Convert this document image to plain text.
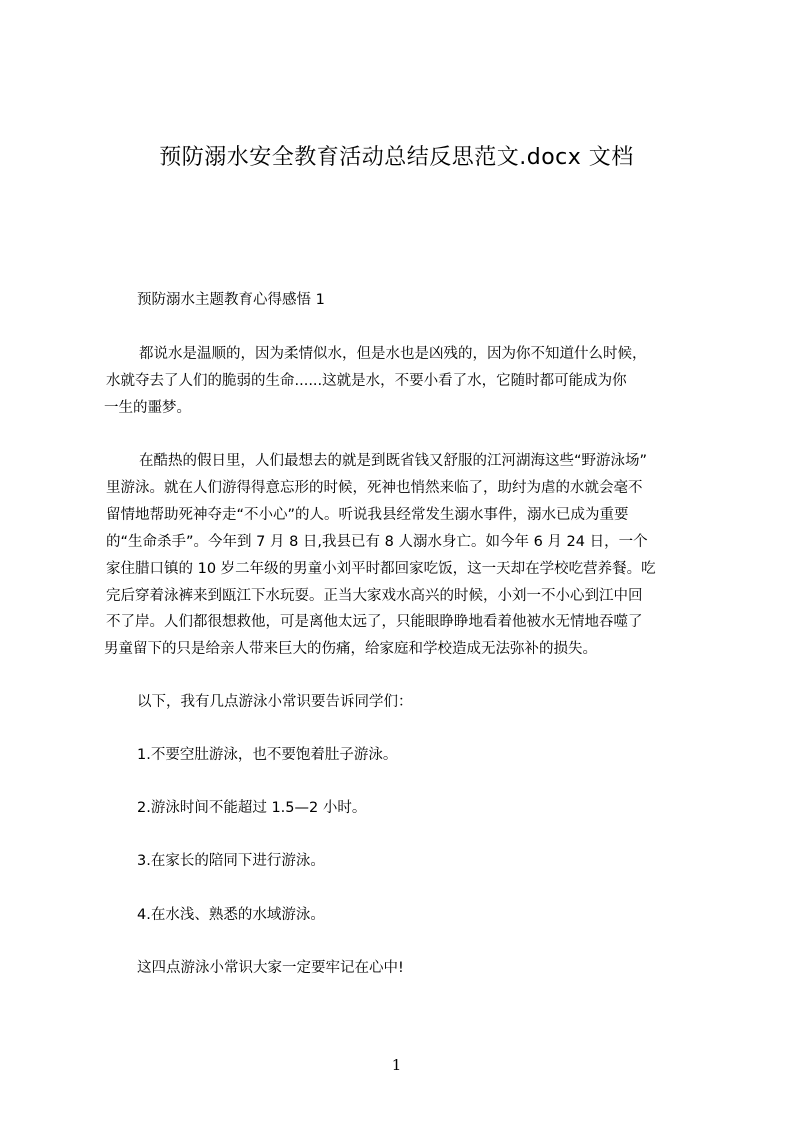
预防溺水安全教育活动总结反思范文.docx 文档
预防溺水主题教育心得感悟 1
都说水是温顺的，因为柔情似水，但是水也是凶残的，因为你不知道什么时候，
水就夺去了人们的脆弱的生命......这就是水，不要小看了水，它随时都可能成为你
一生的噩梦。
在酷热的假日里，人们最想去的就是到既省钱又舒服的江河湖海这些“野游泳场”
里游泳。就在人们游得得意忘形的时候，死神也悄然来临了，助纣为虐的水就会毫不
留情地帮助死神夺走“不小心”的人。听说我县经常发生溺水事件，溺水已成为重要
的“生命杀手”。今年到 7 月 8 日,我县已有 8 人溺水身亡。如今年 6 月 24 日，一个
家住腊口镇的 10 岁二年级的男童小刘平时都回家吃饭，这一天却在学校吃营养餐。吃
完后穿着泳裤来到瓯江下水玩耍。正当大家戏水高兴的时候，小刘一不小心到江中回
不了岸。人们都很想救他，可是离他太远了，只能眼睁睁地看着他被水无情地吞噬了
男童留下的只是给亲人带来巨大的伤痛，给家庭和学校造成无法弥补的损失。
以下，我有几点游泳小常识要告诉同学们：
1.不要空肚游泳，也不要饱着肚子游泳。
2.游泳时间不能超过 1.5—2 小时。
3.在家长的陪同下进行游泳。
4.在水浅、熟悉的水域游泳。
这四点游泳小常识大家一定要牢记在心中!
1
